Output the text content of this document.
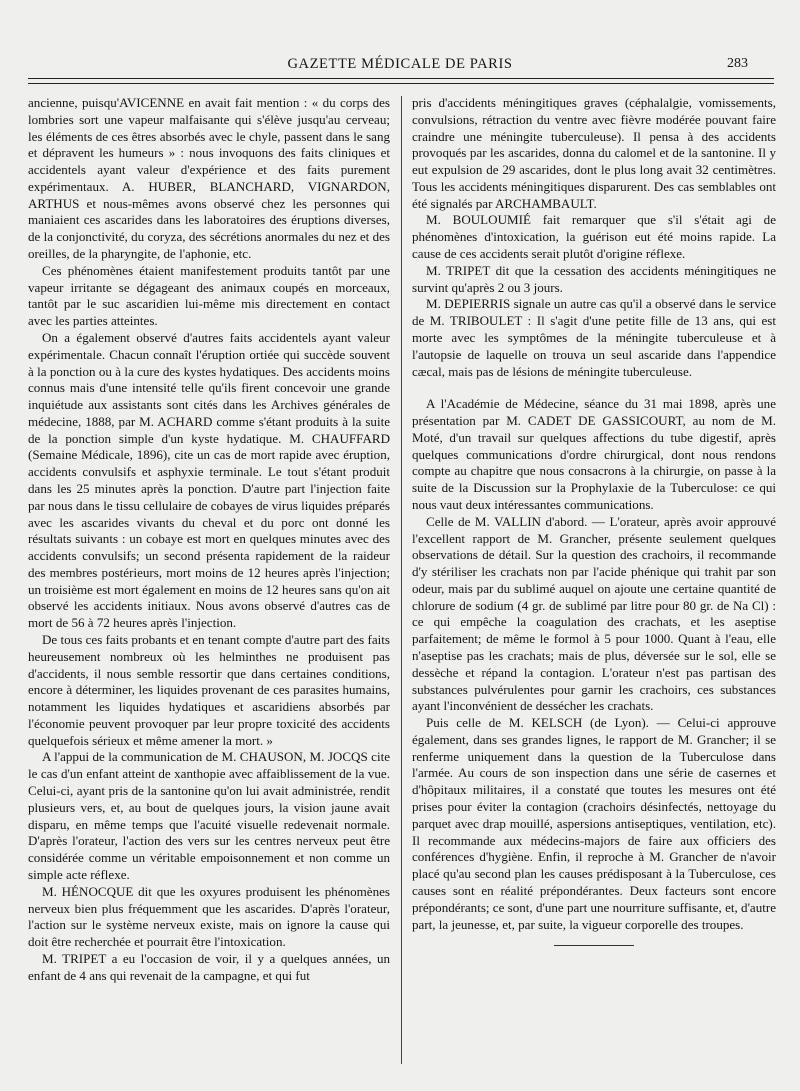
GAZETTE MÉDICALE DE PARIS	283

ancienne, puisqu'AVICENNE en avait fait mention : « du corps des lombries sort une vapeur malfaisante qui s'élève jusqu'au cerveau; les éléments de ces êtres absorbés avec le chyle, passent dans le sang et dépravent les humeurs » : nous invoquons des faits cliniques et accidentels ayant valeur d'expérience et des faits purement expérimentaux. A. HUBER, BLANCHARD, VIGNARDON, ARTHUS et nous-mêmes avons observé chez les personnes qui maniaient ces ascarides dans les laboratoires des éruptions diverses, de la conjonctivité, du coryza, des sécrétions anormales du nez et des oreilles, de la pharyngite, de l'aphonie, etc.

Ces phénomènes étaient manifestement produits tantôt par une vapeur irritante se dégageant des animaux coupés en morceaux, tantôt par le suc ascaridien lui-même mis directement en contact avec les parties atteintes.

On a également observé d'autres faits accidentels ayant valeur expérimentale. Chacun connaît l'éruption ortiée qui succède souvent à la ponction ou à la cure des kystes hydatiques. Des accidents moins connus mais d'une intensité telle qu'ils firent concevoir une grande inquiétude aux assistants sont cités dans les Archives générales de médecine, 1888, par M. ACHARD comme s'étant produits à la suite de la ponction simple d'un kyste hydatique. M. CHAUFFARD (Semaine Médicale, 1896), cite un cas de mort rapide avec éruption, accidents convulsifs et asphyxie terminale. Le tout s'étant produit dans les 25 minutes après la ponction. D'autre part l'injection faite par nous dans le tissu cellulaire de cobayes de virus liquides préparés avec les ascarides vivants du cheval et du porc ont donné les résultats suivants : un cobaye est mort en quelques minutes avec des accidents convulsifs; un second présenta rapidement de la raideur des membres postérieurs, mort moins de 12 heures après l'injection; un troisième est mort également en moins de 12 heures sans qu'on ait observé les accidents initiaux. Nous avons observé d'autres cas de mort de 56 à 72 heures après l'injection.

De tous ces faits probants et en tenant compte d'autre part des faits heureusement nombreux où les helminthes ne produisent pas d'accidents, il nous semble ressortir que dans certaines conditions, encore à déterminer, les liquides provenant de ces parasites humains, notamment les liquides hydatiques et ascaridiens absorbés par l'économie peuvent provoquer par leur propre toxicité des accidents quelquefois sérieux et même amener la mort. »

A l'appui de la communication de M. CHAUSON, M. JOCQS cite le cas d'un enfant atteint de xanthopie avec affaiblissement de la vue. Celui-ci, ayant pris de la santonine qu'on lui avait administrée, rendit plusieurs vers, et, au bout de quelques jours, la vision jaune avait disparu, en même temps que l'acuité visuelle redevenait normale. D'après l'orateur, l'action des vers sur les centres nerveux peut être considérée comme un véritable empoisonnement et non comme un simple acte réflexe.

M. HÉNOCQUE dit que les oxyures produisent les phénomènes nerveux bien plus fréquemment que les ascarides. D'après l'orateur, l'action sur le système nerveux existe, mais on ignore la cause qui doit être recherchée et pourrait être l'intoxication.

M. TRIPET a eu l'occasion de voir, il y a quelques années, un enfant de 4 ans qui revenait de la campagne, et qui fut

pris d'accidents méningitiques graves (céphalalgie, vomissements, convulsions, rétraction du ventre avec fièvre modérée pouvant faire craindre une méningite tuberculeuse). Il pensa à des accidents provoqués par les ascarides, donna du calomel et de la santonine. Il y eut expulsion de 29 ascarides, dont le plus long avait 32 centimètres. Tous les accidents méningitiques disparurent. Des cas semblables ont été signalés par ARCHAMBAULT.

M. BOULOUMIÉ fait remarquer que s'il s'était agi de phénomènes d'intoxication, la guérison eut été moins rapide. La cause de ces accidents serait plutôt d'origine réflexe.

M. TRIPET dit que la cessation des accidents méningitiques ne survint qu'après 2 ou 3 jours.

M. DEPIERRIS signale un autre cas qu'il a observé dans le service de M. TRIBOULET : Il s'agit d'une petite fille de 13 ans, qui est morte avec les symptômes de la méningite tuberculeuse et à l'autopsie de laquelle on trouva un seul ascaride dans l'appendice cæcal, mais pas de lésions de méningite tuberculeuse.

A l'Académie de Médecine, séance du 31 mai 1898, après une présentation par M. CADET DE GASSICOURT, au nom de M. Moté, d'un travail sur quelques affections du tube digestif, après quelques communications d'ordre chirurgical, dont nous rendons compte au chapitre que nous consacrons à la chirurgie, on passe à la suite de la Discussion sur la Prophylaxie de la Tuberculose: ce qui nous vaut deux intéressantes communications.

Celle de M. VALLIN d'abord. — L'orateur, après avoir approuvé l'excellent rapport de M. Grancher, présente seulement quelques observations de détail. Sur la question des crachoirs, il recommande d'y stériliser les crachats non par l'acide phénique qui trahit par son odeur, mais par du sublimé auquel on ajoute une certaine quantité de chlorure de sodium (4 gr. de sublimé par litre pour 80 gr. de Na Cl) : ce qui empêche la coagulation des crachats, et les aseptise parfaitement; de même le formol à 5 pour 1000. Quant à l'eau, elle n'aseptise pas les crachats; mais de plus, déversée sur le sol, elle se dessèche et répand la contagion. L'orateur n'est pas partisan des substances pulvérulentes pour garnir les crachoirs, ces substances ayant l'inconvénient de dessécher les crachats.

Puis celle de M. KELSCH (de Lyon). — Celui-ci approuve également, dans ses grandes lignes, le rapport de M. Grancher; il se renferme uniquement dans la question de la Tuberculose dans l'armée. Au cours de son inspection dans une série de casernes et d'hôpitaux militaires, il a constaté que toutes les mesures ont été prises pour éviter la contagion (crachoirs désinfectés, nettoyage du parquet avec drap mouillé, aspersions antiseptiques, ventilation, etc). Il recommande aux médecins-majors de faire aux officiers des conférences d'hygiène. Enfin, il reproche à M. Grancher de n'avoir placé qu'au second plan les causes prédisposant à la Tuberculose, ces causes sont en réalité prépondérantes. Deux facteurs sont encore prépondérants; ce sont, d'une part une nourriture suffisante, et, d'autre part, la jeunesse, et, par suite, la vigueur corporelle des troupes.
